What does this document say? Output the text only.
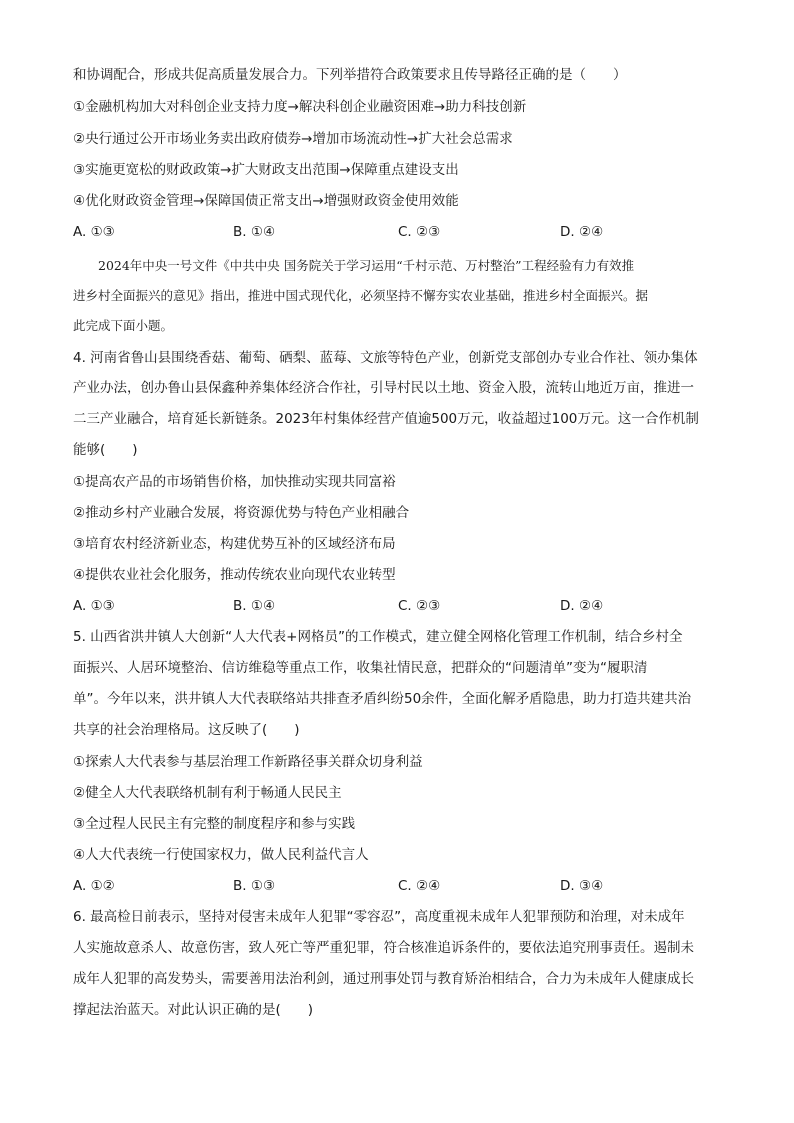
和协调配合，形成共促高质量发展合力。下列举措符合政策要求且传导路径正确的是（　　）
①金融机构加大对科创企业支持力度→解决科创企业融资困难→助力科技创新
②央行通过公开市场业务卖出政府债券→增加市场流动性→扩大社会总需求
③实施更宽松的财政政策→扩大财政支出范围→保障重点建设支出
④优化财政资金管理→保障国债正常支出→增强财政资金使用效能
A. ①③	B. ①④	C. ②③	D. ②④
2024年中央一号文件《中共中央 国务院关于学习运用“千村示范、万村整治”工程经验有力有效推
进乡村全面振兴的意见》指出，推进中国式现代化，必须坚持不懈夯实农业基础，推进乡村全面振兴。据
此完成下面小题。
4. 河南省鲁山县围绕香菇、葡萄、硒梨、蓝莓、文旅等特色产业，创新党支部创办专业合作社、领办集体
产业办法，创办鲁山县保鑫种养集体经济合作社，引导村民以土地、资金入股，流转山地近万亩，推进一
二三产业融合，培育延长新链条。2023年村集体经营产值逾500万元，收益超过100万元。这一合作机制
能够(　　)
①提高农产品的市场销售价格，加快推动实现共同富裕
②推动乡村产业融合发展，将资源优势与特色产业相融合
③培育农村经济新业态，构建优势互补的区域经济布局
④提供农业社会化服务，推动传统农业向现代农业转型
A. ①③	B. ①④	C. ②③	D. ②④
5. 山西省洪井镇人大创新“人大代表+网格员”的工作模式，建立健全网格化管理工作机制，结合乡村全
面振兴、人居环境整治、信访维稳等重点工作，收集社情民意，把群众的“问题清单”变为“履职清
单”。今年以来，洪井镇人大代表联络站共排查矛盾纠纷50余件，全面化解矛盾隐患，助力打造共建共治
共享的社会治理格局。这反映了(　　)
①探索人大代表参与基层治理工作新路径事关群众切身利益
②健全人大代表联络机制有利于畅通人民民主
③全过程人民民主有完整的制度程序和参与实践
④人大代表统一行使国家权力，做人民利益代言人
A. ①②	B. ①③	C. ②④	D. ③④
6. 最高检日前表示，坚持对侵害未成年人犯罪“零容忍”，高度重视未成年人犯罪预防和治理，对未成年
人实施故意杀人、故意伤害，致人死亡等严重犯罪，符合核准追诉条件的，要依法追究刑事责任。遏制未
成年人犯罪的高发势头，需要善用法治利剑，通过刑事处罚与教育矫治相结合，合力为未成年人健康成长
撑起法治蓝天。对此认识正确的是(　　)
